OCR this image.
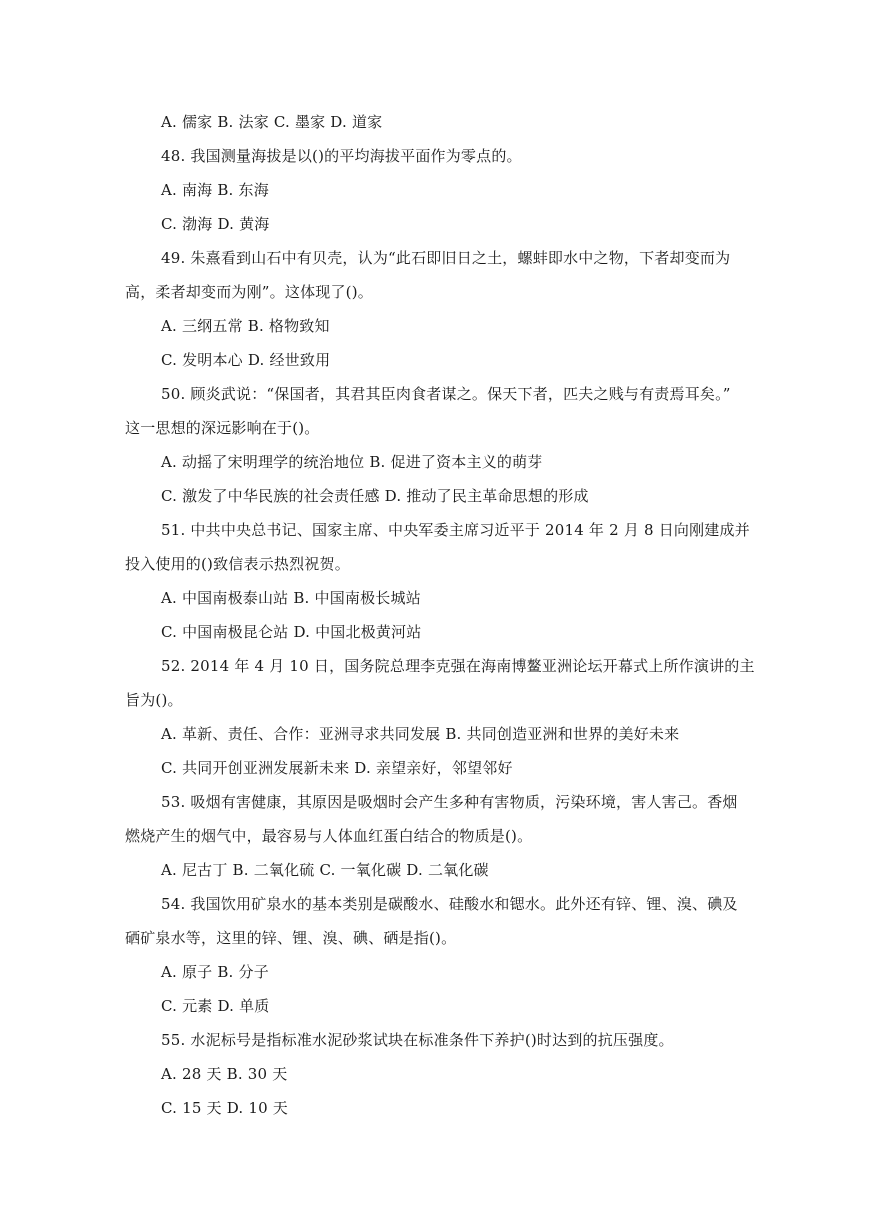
A. 儒家 B. 法家 C. 墨家 D. 道家
48. 我国测量海拔是以()的平均海拔平面作为零点的。
A. 南海 B. 东海
C. 渤海 D. 黄海
49. 朱熹看到山石中有贝壳，认为“此石即旧日之土，螺蚌即水中之物，下者却变而为
高，柔者却变而为刚”。这体现了()。
A. 三纲五常 B. 格物致知
C. 发明本心 D. 经世致用
50. 顾炎武说：“保国者，其君其臣肉食者谋之。保天下者，匹夫之贱与有责焉耳矣。”
这一思想的深远影响在于()。
A. 动摇了宋明理学的统治地位 B. 促进了资本主义的萌芽
C. 激发了中华民族的社会责任感 D. 推动了民主革命思想的形成
51. 中共中央总书记、国家主席、中央军委主席习近平于 2014 年 2 月 8 日向刚建成并
投入使用的()致信表示热烈祝贺。
A. 中国南极泰山站 B. 中国南极长城站
C. 中国南极昆仑站 D. 中国北极黄河站
52. 2014 年 4 月 10 日，国务院总理李克强在海南博鳌亚洲论坛开幕式上所作演讲的主
旨为()。
A. 革新、责任、合作：亚洲寻求共同发展 B. 共同创造亚洲和世界的美好未来
C. 共同开创亚洲发展新未来 D. 亲望亲好，邻望邻好
53. 吸烟有害健康，其原因是吸烟时会产生多种有害物质，污染环境，害人害己。香烟
燃烧产生的烟气中，最容易与人体血红蛋白结合的物质是()。
A. 尼古丁 B. 二氧化硫 C. 一氧化碳 D. 二氧化碳
54. 我国饮用矿泉水的基本类别是碳酸水、硅酸水和锶水。此外还有锌、锂、溴、碘及
硒矿泉水等，这里的锌、锂、溴、碘、硒是指()。
A. 原子 B. 分子
C. 元素 D. 单质
55. 水泥标号是指标准水泥砂浆试块在标准条件下养护()时达到的抗压强度。
A. 28 天 B. 30 天
C. 15 天 D. 10 天
